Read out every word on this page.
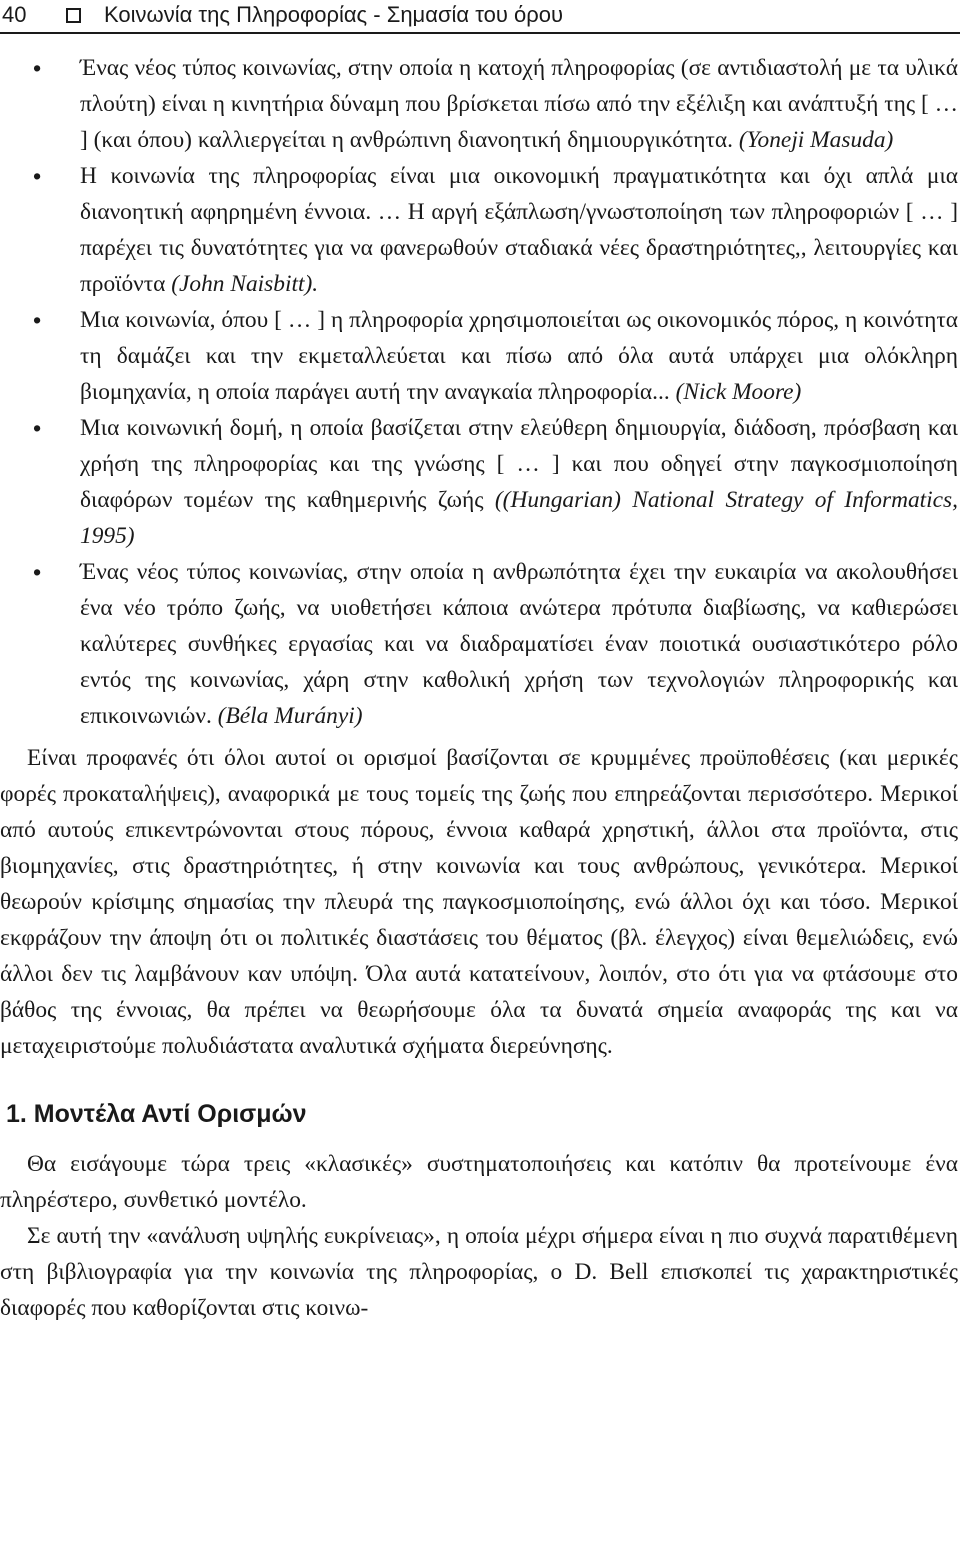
40	Κοινωνία της Πληροφορίας - Σημασία του όρου
• Ένας νέος τύπος κοινωνίας, στην οποία η κατοχή πληροφορίας (σε αντιδιαστολή με τα υλικά πλούτη) είναι η κινητήρια δύναμη που βρίσκεται πίσω από την εξέλιξη και ανάπτυξή της [ … ] (και όπου) καλλιεργείται η ανθρώπινη διανοητική δημιουργικότητα. (Yoneji Masuda)
• Η κοινωνία της πληροφορίας είναι μια οικονομική πραγματικότητα και όχι απλά μια διανοητική αφηρημένη έννοια. … Η αργή εξάπλωση/γνωστοποίηση των πληροφοριών [ … ] παρέχει τις δυνατότητες για να φανερωθούν σταδιακά νέες δραστηριότητες,, λειτουργίες και προϊόντα (John Naisbitt).
• Μια κοινωνία, όπου [ … ] η πληροφορία χρησιμοποιείται ως οικονομικός πόρος, η κοινότητα τη δαμάζει και την εκμεταλλεύεται και πίσω από όλα αυτά υπάρχει μια ολόκληρη βιομηχανία, η οποία παράγει αυτή την αναγκαία πληροφορία... (Nick Moore)
• Μια κοινωνική δομή, η οποία βασίζεται στην ελεύθερη δημιουργία, διάδοση, πρόσβαση και χρήση της πληροφορίας και της γνώσης [ … ] και που οδηγεί στην παγκοσμιοποίηση διαφόρων τομέων της καθημερινής ζωής ((Hungarian) National Strategy of Informatics, 1995)
• Ένας νέος τύπος κοινωνίας, στην οποία η ανθρωπότητα έχει την ευκαιρία να ακολουθήσει ένα νέο τρόπο ζωής, να υιοθετήσει κάποια ανώτερα πρότυπα διαβίωσης, να καθιερώσει καλύτερες συνθήκες εργασίας και να διαδραματίσει έναν ποιοτικά ουσιαστικότερο ρόλο εντός της κοινωνίας, χάρη στην καθολική χρήση των τεχνολογιών πληροφορικής και επικοινωνιών. (Béla Murányi)

Είναι προφανές ότι όλοι αυτοί οι ορισμοί βασίζονται σε κρυμμένες προϋποθέσεις (και μερικές φορές προκαταλήψεις), αναφορικά με τους τομείς της ζωής που επηρεάζονται περισσότερο. Μερικοί από αυτούς επικεντρώνονται στους πόρους, έννοια καθαρά χρηστική, άλλοι στα προϊόντα, στις βιομηχανίες, στις δραστηριότητες, ή στην κοινωνία και τους ανθρώπους, γενικότερα. Μερικοί θεωρούν κρίσιμης σημασίας την πλευρά της παγκοσμιοποίησης, ενώ άλλοι όχι και τόσο. Μερικοί εκφράζουν την άποψη ότι οι πολιτικές διαστάσεις του θέματος (βλ. έλεγχος) είναι θεμελιώδεις, ενώ άλλοι δεν τις λαμβάνουν καν υπόψη. Όλα αυτά κατατείνουν, λοιπόν, στο ότι για να φτάσουμε στο βάθος της έννοιας, θα πρέπει να θεωρήσουμε όλα τα δυνατά σημεία αναφοράς της και να μεταχειριστούμε πολυδιάστατα αναλυτικά σχήματα διερεύνησης.

1. Μοντέλα Αντί Ορισμών

Θα εισάγουμε τώρα τρεις «κλασικές» συστηματοποιήσεις και κατόπιν θα προτείνουμε ένα πληρέστερο, συνθετικό μοντέλο.

Σε αυτή την «ανάλυση υψηλής ευκρίνειας», η οποία μέχρι σήμερα είναι η πιο συχνά παρατιθέμενη στη βιβλιογραφία για την κοινωνία της πληροφορίας, ο D. Bell επισκοπεί τις χαρακτηριστικές διαφορές που καθορίζονται στις κοινω-
